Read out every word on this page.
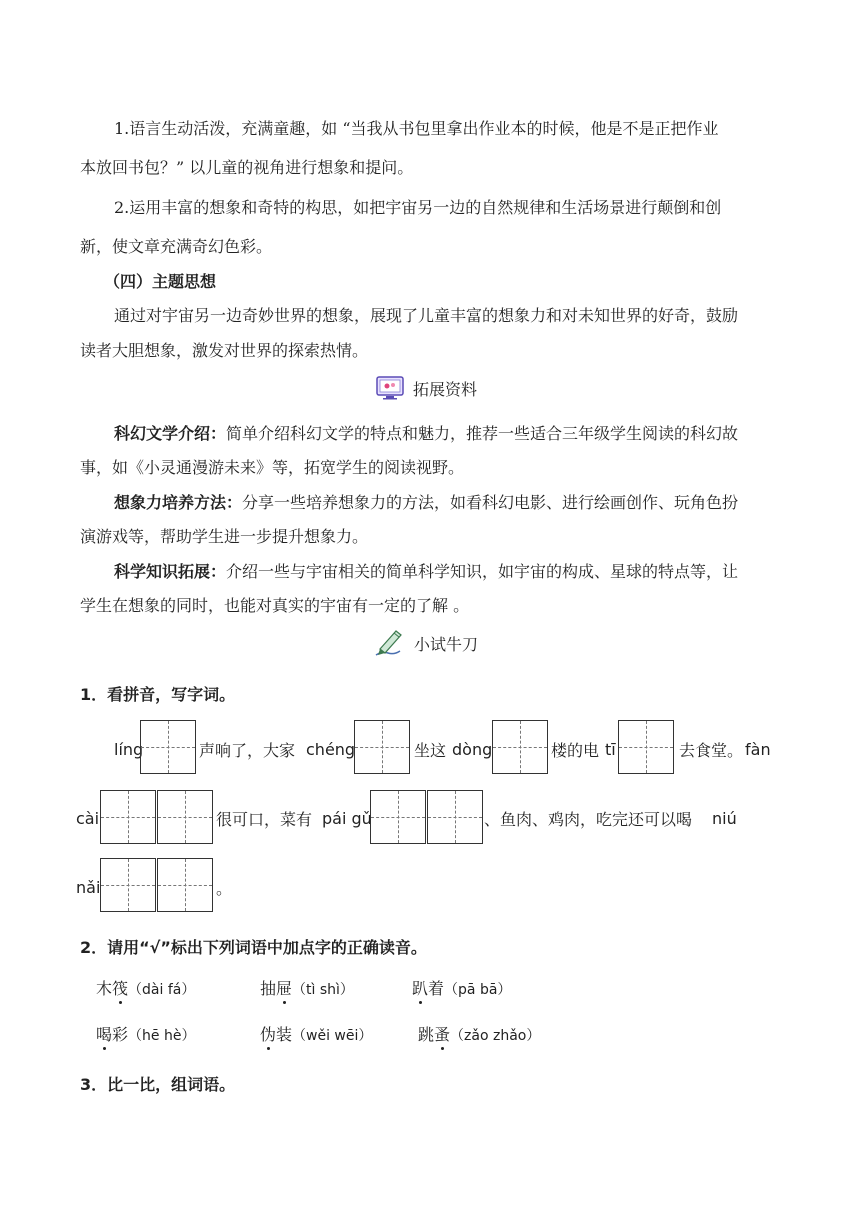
1.语言生动活泼，充满童趣，如 “当我从书包里拿出作业本的时候，他是不是正把作业
本放回书包？” 以儿童的视角进行想象和提问。
2.运用丰富的想象和奇特的构思，如把宇宙另一边的自然规律和生活场景进行颠倒和创
新，使文章充满奇幻色彩。
（四）主题思想
通过对宇宙另一边奇妙世界的想象，展现了儿童丰富的想象力和对未知世界的好奇，鼓励
读者大胆想象，激发对世界的探索热情。
拓展资料
科幻文学介绍：简单介绍科幻文学的特点和魅力，推荐一些适合三年级学生阅读的科幻故
事，如《小灵通漫游未来》等，拓宽学生的阅读视野。
想象力培养方法：分享一些培养想象力的方法，如看科幻电影、进行绘画创作、玩角色扮
演游戏等，帮助学生进一步提升想象力。
科学知识拓展：介绍一些与宇宙相关的简单科学知识，如宇宙的构成、星球的特点等，让
学生在想象的同时，也能对真实的宇宙有一定的了解 。
小试牛刀
1．看拼音，写字词。
líng	声响了，大家 chéng	坐这 dòng	楼的电 tī	去食堂。 fàn
cài	很可口，菜有 pái gǔ	、鱼肉、鸡肉，吃完还可以喝 niú
nǎi	。
2．请用“√”标出下列词语中加点字的正确读音。
木筏（dài fá）	抽屉（tì shì）	趴着（pā bā）
喝彩（hē hè）	伪装（wěi wēi）	跳蚤（zǎo zhǎo）
3．比一比，组词语。
